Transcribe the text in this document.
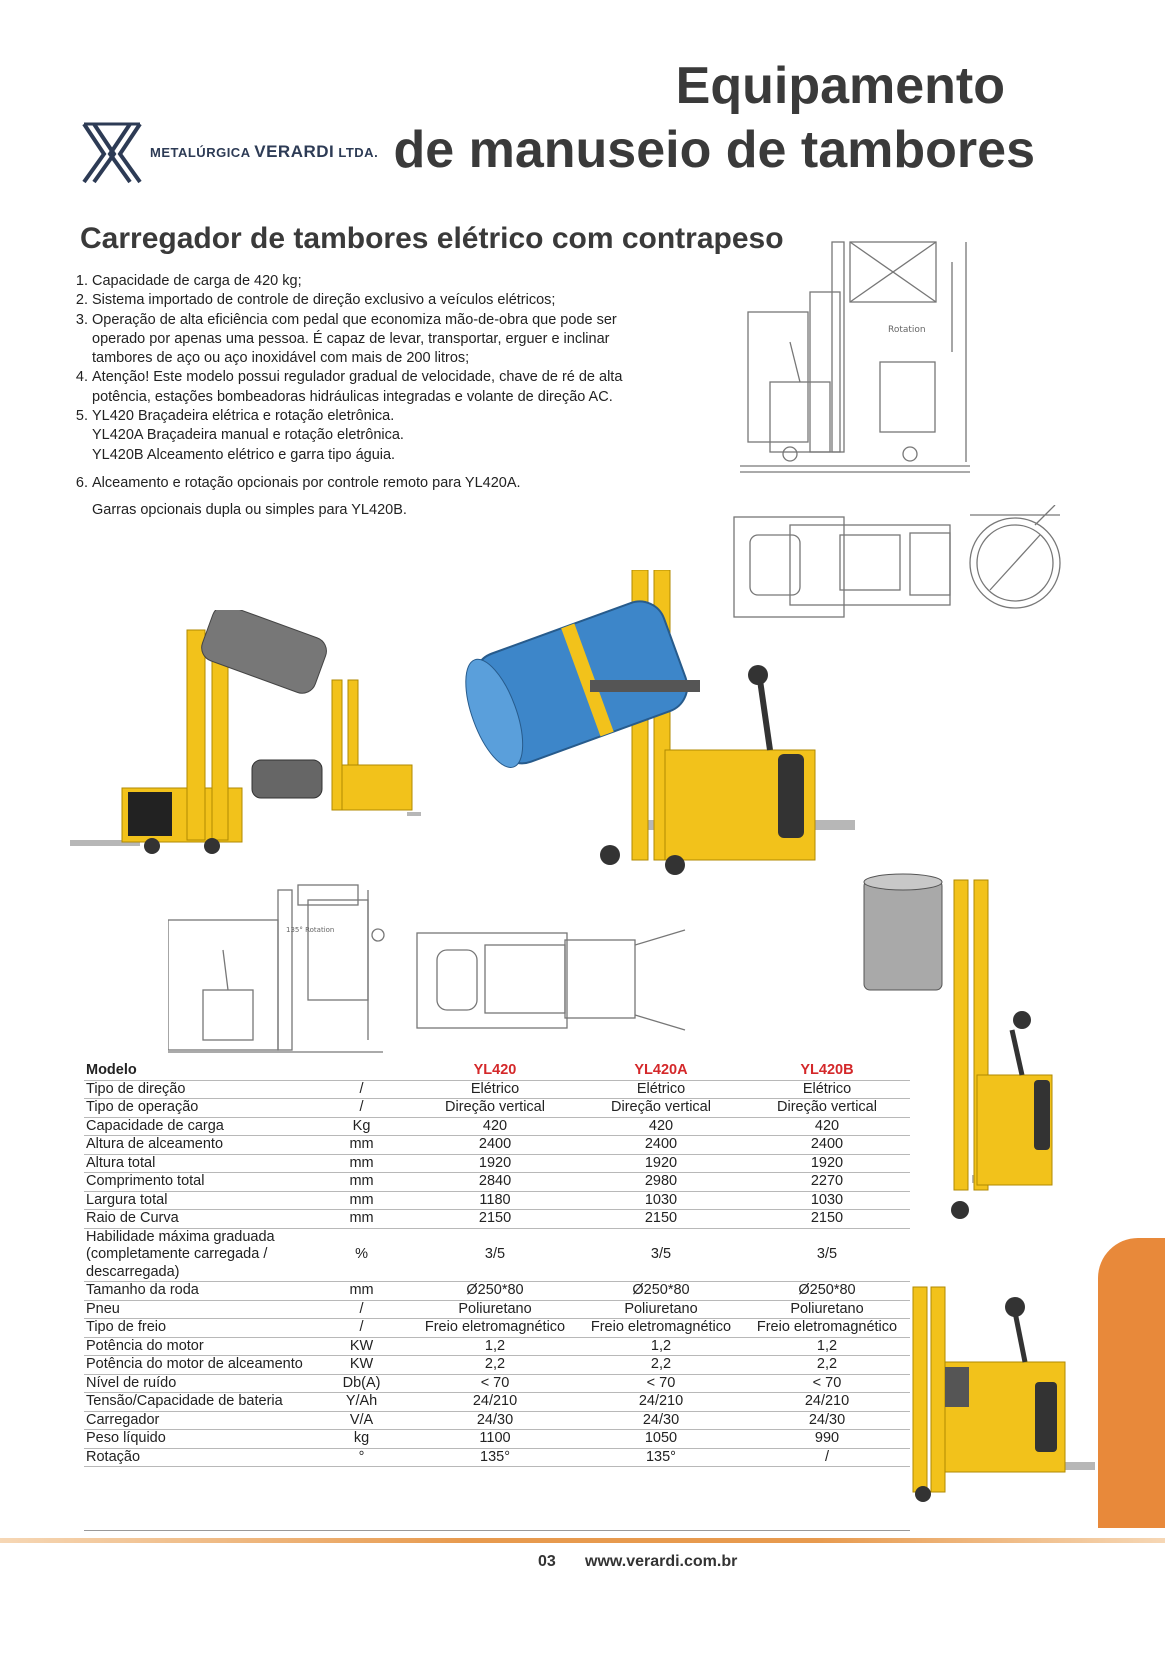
Equipamento
de manuseio de tambores
METALÚRGICA VERARDI LTDA.
Carregador de tambores elétrico com contrapeso
1. Capacidade de carga de 420 kg;
2. Sistema importado de controle de direção exclusivo a veículos elétricos;
3. Operação de alta eficiência com pedal que economiza mão-de-obra que pode ser operado por apenas uma pessoa. É capaz de levar, transportar, erguer e inclinar tambores de aço ou aço inoxidável com mais de 200 litros;
4. Atenção! Este modelo possui regulador gradual de velocidade, chave de ré de alta potência, estações bombeadoras hidráulicas integradas e volante de direção AC.
5. YL420 Braçadeira elétrica e rotação eletrônica.
YL420A Braçadeira manual e rotação eletrônica.
YL420B Alceamento elétrico e garra tipo águia.
6. Alceamento e rotação opcionais por controle remoto para YL420A.
Garras opcionais dupla ou simples para YL420B.
Rotation
135° Rotation
Modelo		YL420	YL420A	YL420B
Tipo de direção	/	Elétrico	Elétrico	Elétrico
Tipo de operação	/	Direção vertical	Direção vertical	Direção vertical
Capacidade de carga	Kg	420	420	420
Altura de alceamento	mm	2400	2400	2400
Altura total	mm	1920	1920	1920
Comprimento total	mm	2840	2980	2270
Largura total	mm	1180	1030	1030
Raio de Curva	mm	2150	2150	2150
Habilidade máxima graduada (completamente carregada / descarregada)	%	3/5	3/5	3/5
Tamanho da roda	mm	Ø250*80	Ø250*80	Ø250*80
Pneu	/	Poliuretano	Poliuretano	Poliuretano
Tipo de freio	/	Freio eletromagnético	Freio eletromagnético	Freio eletromagnético
Potência do motor	KW	1,2	1,2	1,2
Potência do motor de alceamento	KW	2,2	2,2	2,2
Nível de ruído	Db(A)	< 70	< 70	< 70
Tensão/Capacidade de bateria	Y/Ah	24/210	24/210	24/210
Carregador	V/A	24/30	24/30	24/30
Peso líquido	kg	1100	1050	990
Rotação	°	135°	135°	/
03 www.verardi.com.br
